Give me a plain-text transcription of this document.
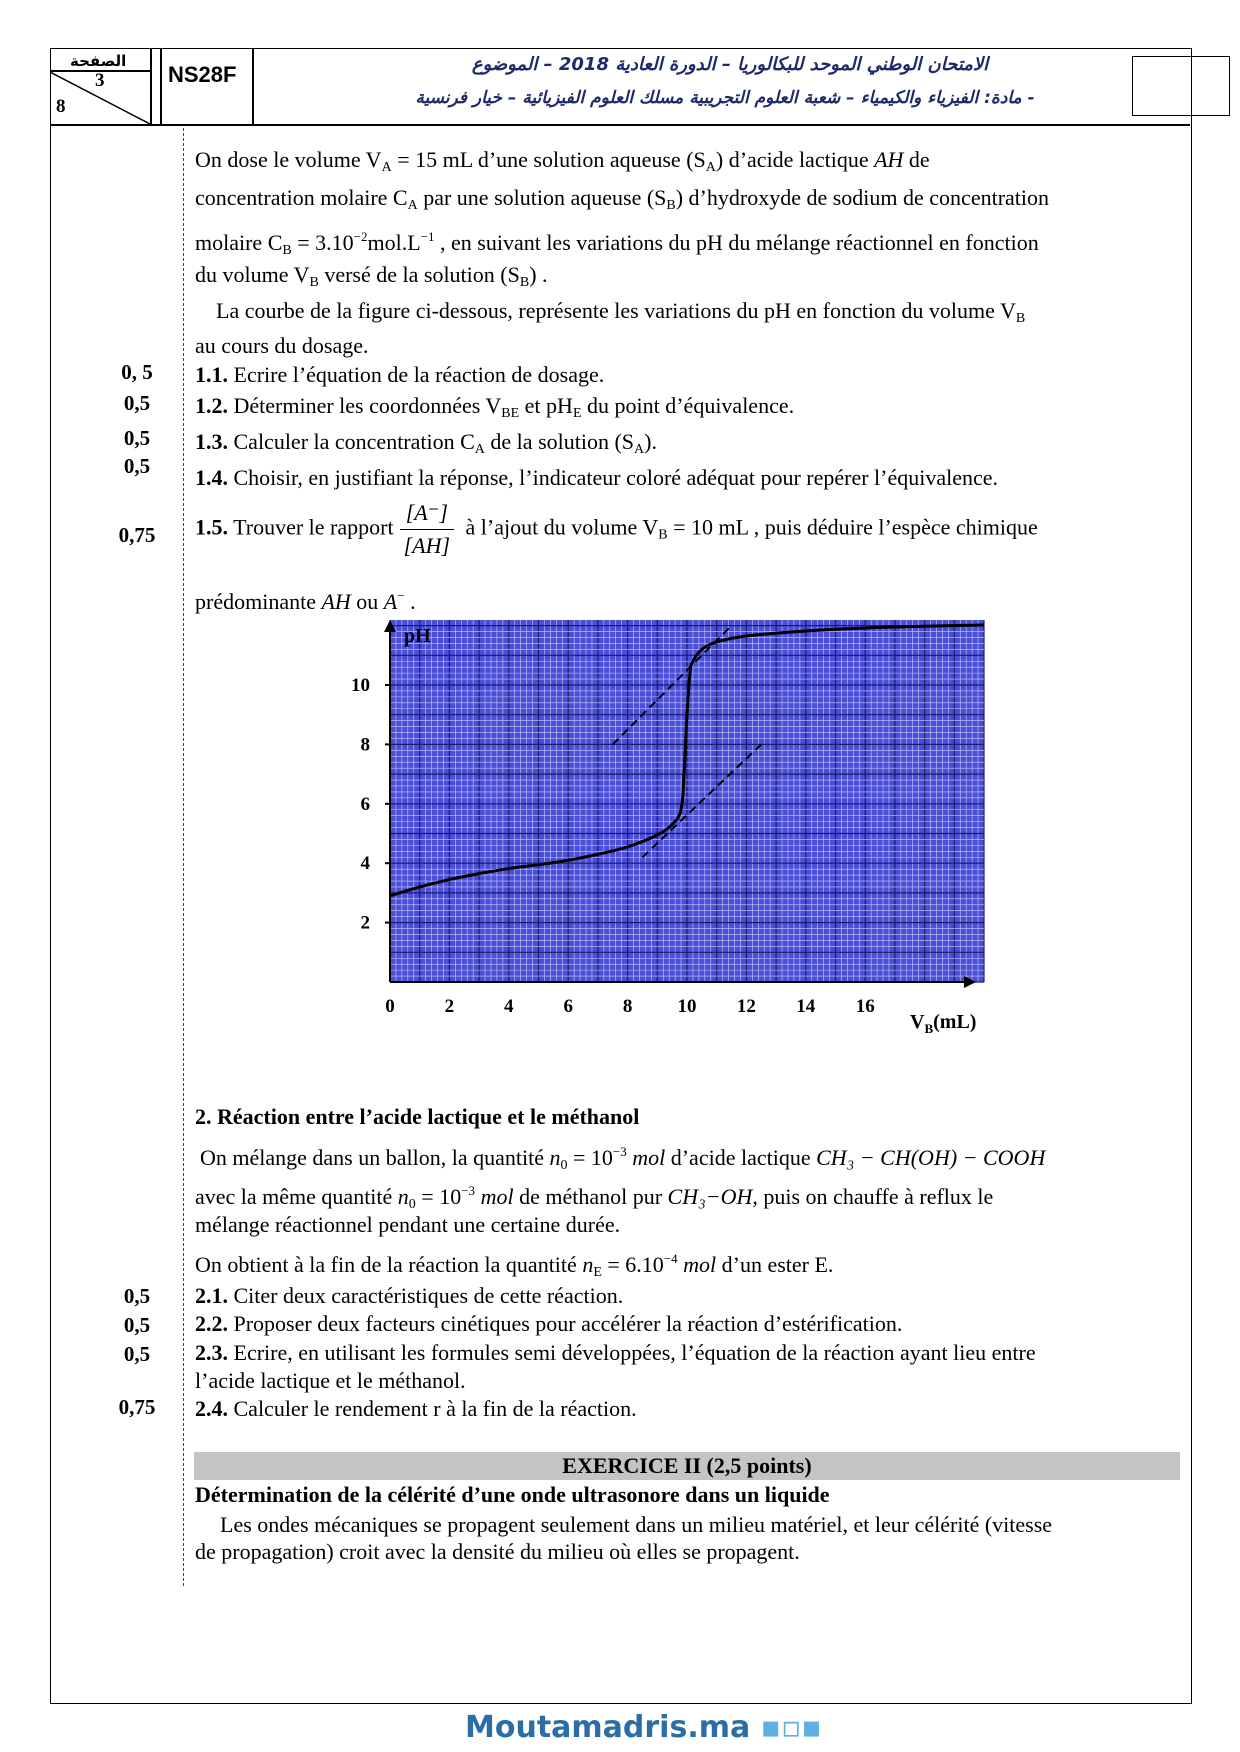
الصفحة
3
8
NS28F	الامتحان الوطني الموحد للبكالوريا – الدورة العادية 2018 – الموضوع
- مادة: الفيزياء والكيمياء – شعبة العلوم التجريبية مسلك العلوم الفيزيائية – خيار فرنسية
On dose le volume $V_A = 15$ mL d’une solution aqueuse $(S_A)$ d’acide lactique AH de
concentration molaire $C_A$ par une solution aqueuse $(S_B)$ d’hydroxyde de sodium de concentration
molaire $C_B = 3.10^{-2}mol.L^{-1}$ , en suivant les variations du pH du mélange réactionnel en fonction
du volume $V_B$ versé de la solution $(S_B)$ .
La courbe de la figure ci-dessous, représente les variations du pH en fonction du volume $V_B$
au cours du dosage.
0, 5	1.1. Ecrire l’équation de la réaction de dosage.
0,5	1.2. Déterminer les coordonnées $V_{BE}$ et $pH_E$ du point d’équivalence.
0,5	1.3. Calculer la concentration $C_A$ de la solution $(S_A)$.
0,5	1.4. Choisir, en justifiant la réponse, l’indicateur coloré adéquat pour repérer l’équivalence.
0,75	1.5. Trouver le rapport $\frac{[A^-]}{[AH]}$ à l’ajout du volume $V_B = 10$ mL , puis déduire l’espèce chimique
prédominante AH ou A− .
pH
$V_B(mL)$
0	2	4	6	8 10 12 14 16
2
4
6
8
10
2. Réaction entre l’acide lactique et le méthanol
On mélange dans un ballon, la quantité $n_0 = 10^{-3}$ mol d’acide lactique CH₃ − CH(OH) − COOH
avec la même quantité $n_0 = 10^{-3}$ mol de méthanol pur CH₃−OH, puis on chauffe à reflux le
mélange réactionnel pendant une certaine durée.
On obtient à la fin de la réaction la quantité $n_E = 6.10^{-4}$ mol d’un ester E.
0,5	2.1. Citer deux caractéristiques de cette réaction.
0,5	2.2. Proposer deux facteurs cinétiques pour accélérer la réaction d’estérification.
0,5	2.3. Ecrire, en utilisant les formules semi développées, l’équation de la réaction ayant lieu entre
l’acide lactique et le méthanol.
0,75	2.4. Calculer le rendement r à la fin de la réaction.
EXERCICE II (2,5 points)
Détermination de la célérité d’une onde ultrasonore dans un liquide
Les ondes mécaniques se propagent seulement dans un milieu matériel, et leur célérité (vitesse
de propagation) croit avec la densité du milieu où elles se propagent.
Moutamadris.ma ▪▫▪
